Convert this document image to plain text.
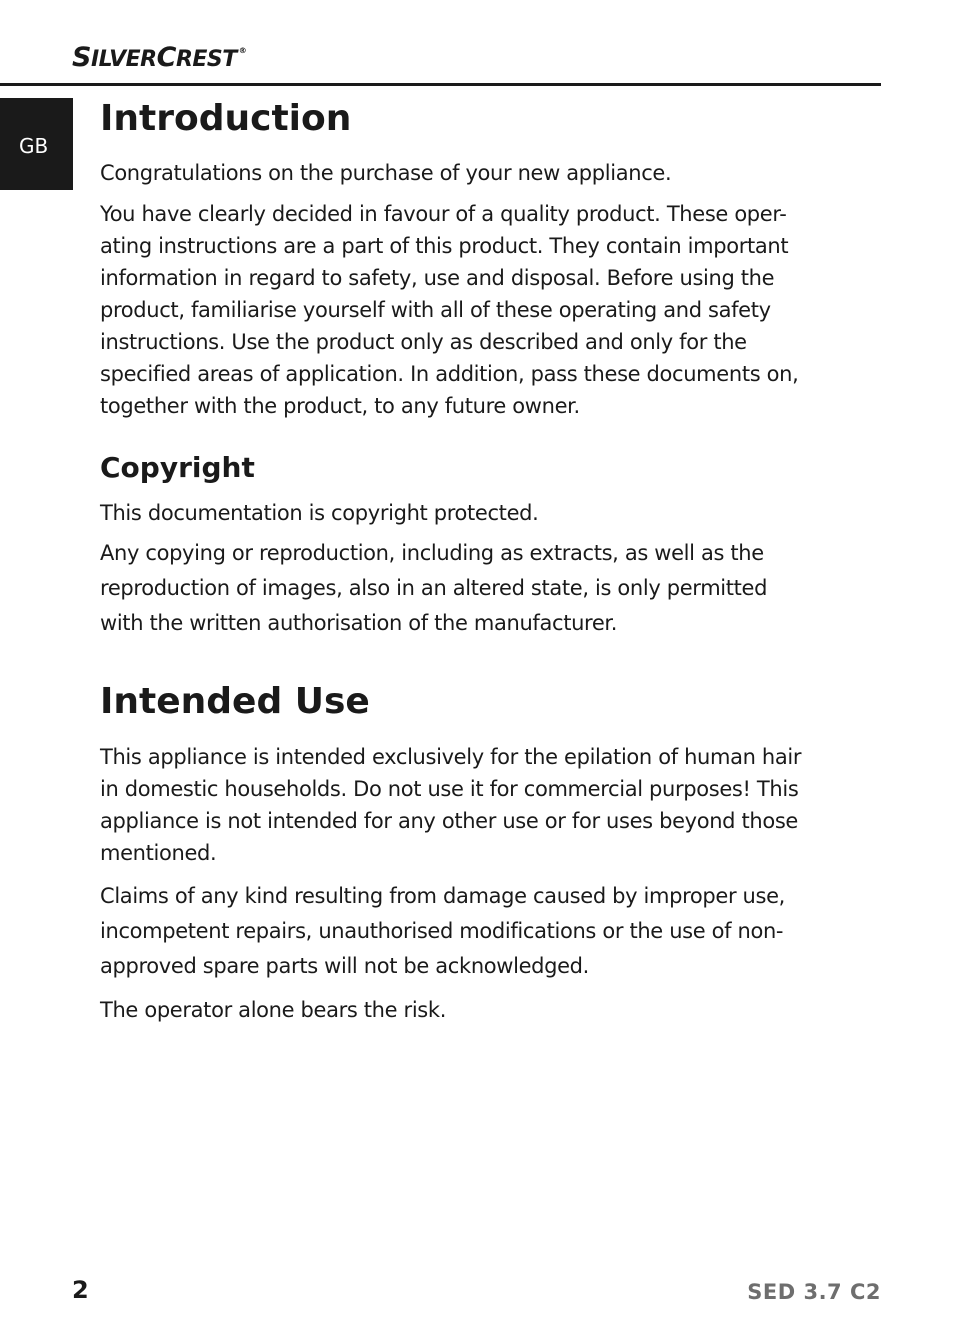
SILVERCREST ®
GB
Introduction
Congratulations on the purchase of your new appliance.
You have clearly decided in favour of a quality product. These oper-
ating instructions are a part of this product. They contain important
information in regard to safety, use and disposal. Before using the
product, familiarise yourself with all of these operating and safety
instructions. Use the product only as described and only for the
specified areas of application. In addition, pass these documents on,
together with the product, to any future owner.
Copyright
This documentation is copyright protected.
Any copying or reproduction, including as extracts, as well as the
reproduction of images, also in an altered state, is only permitted
with the written authorisation of the manufacturer.
Intended Use
This appliance is intended exclusively for the epilation of human hair
in domestic households. Do not use it for commercial purposes! This
appliance is not intended for any other use or for uses beyond those
mentioned.
Claims of any kind resulting from damage caused by improper use,
incompetent repairs, unauthorised modifications or the use of non-
approved spare parts will not be acknowledged.
The operator alone bears the risk.
2	SED 3.7 C2
